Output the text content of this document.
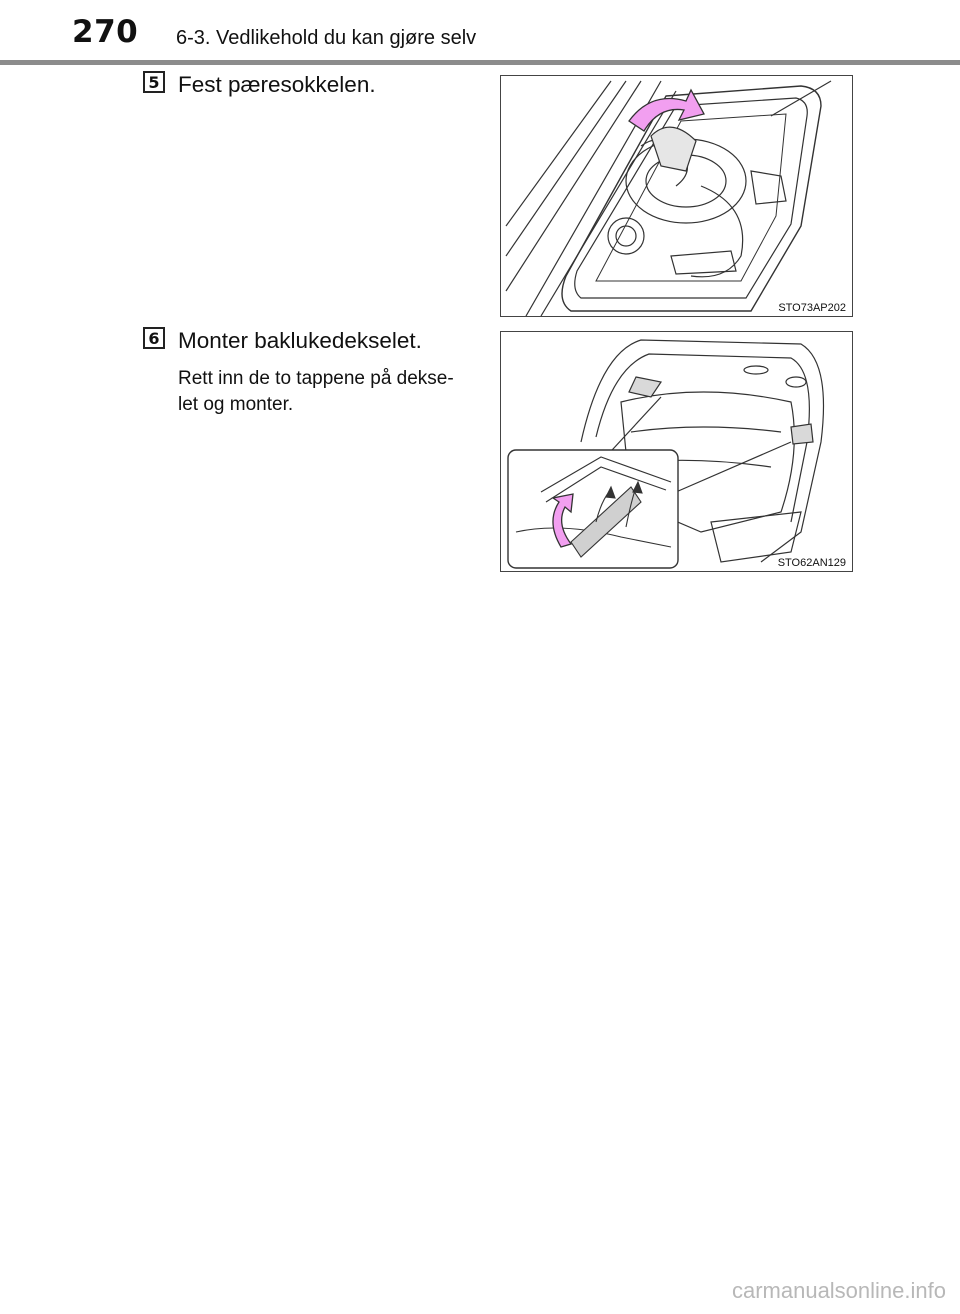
270 6-3. Vedlikehold du kan gjøre selv
5 Fest pæresokkelen.
STO73AP202
6 Monter baklukedekselet.
Rett inn de to tappene på dekse-
let og monter.
STO62AN129
carmanualsonline.info
